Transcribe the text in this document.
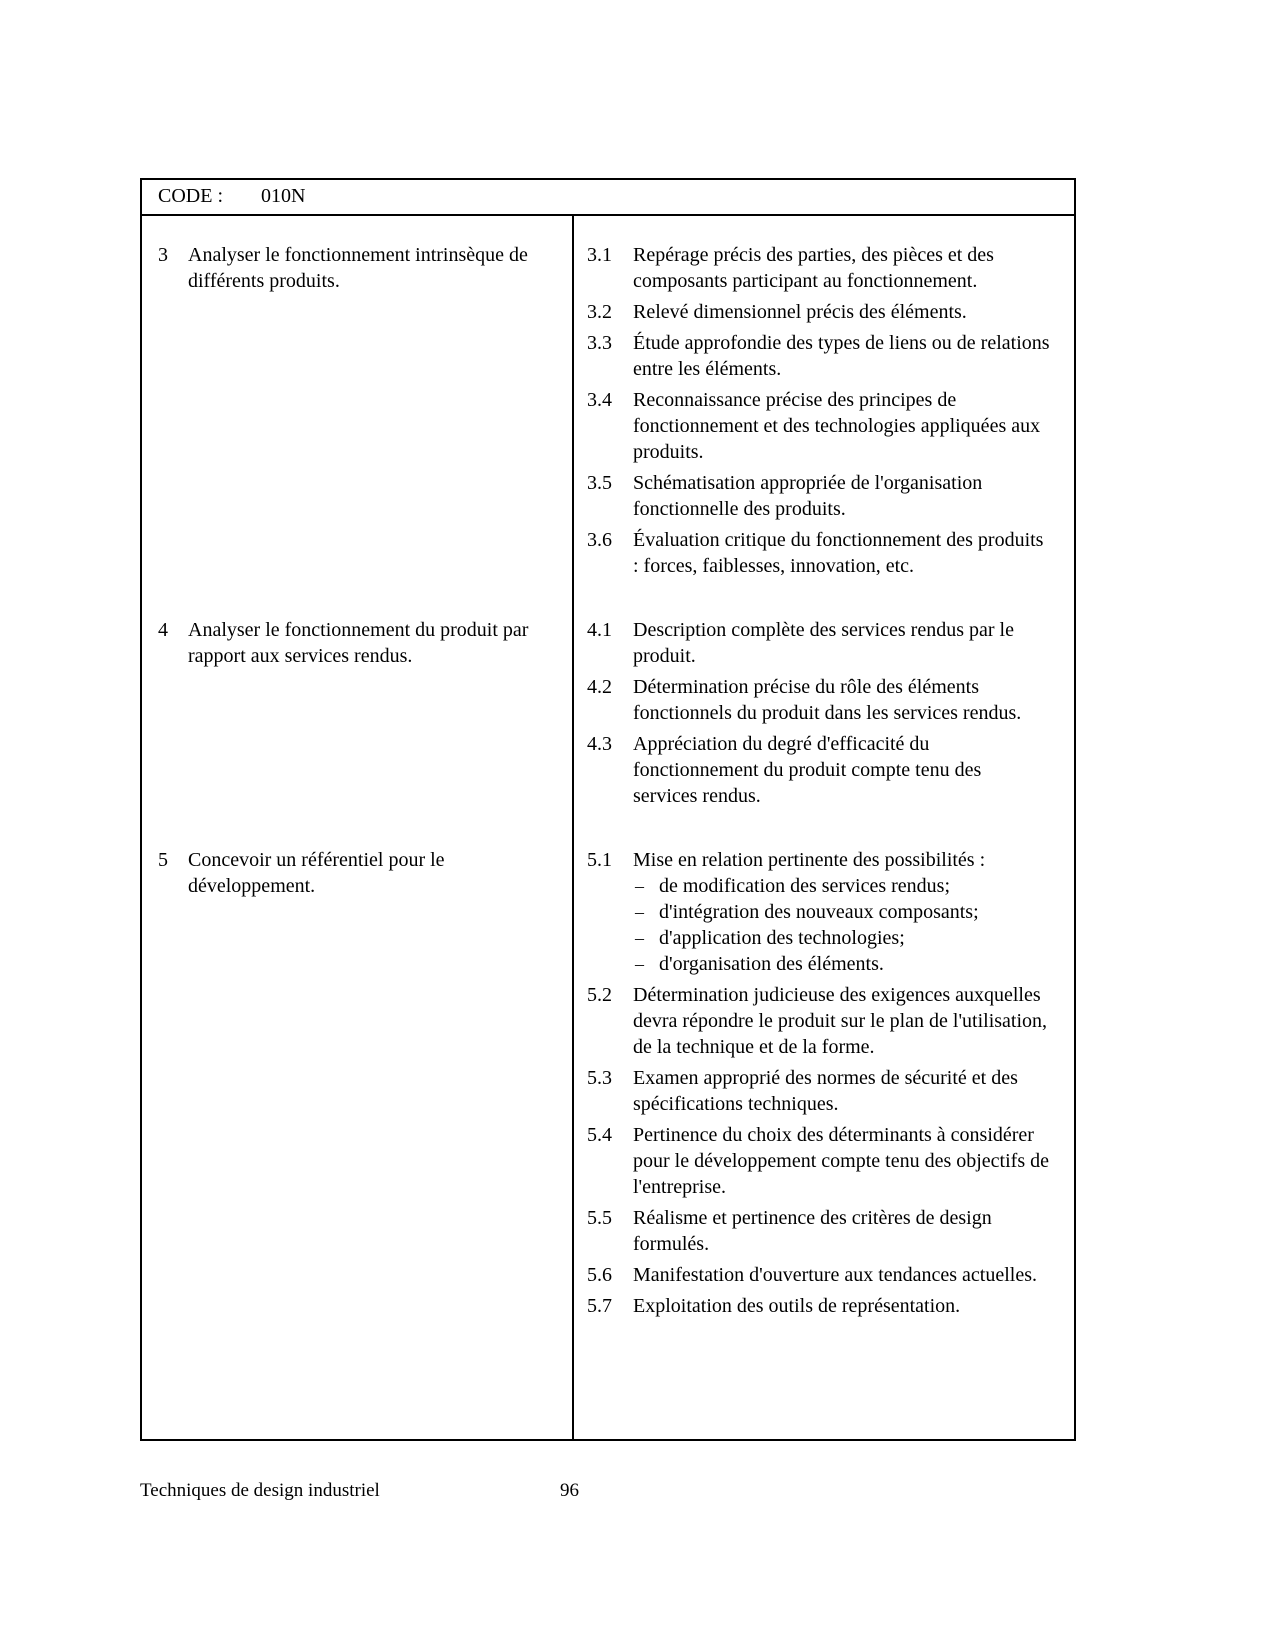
CODE : 010N
3	Analyser le fonctionnement intrinsèque de différents produits.
3.1	Repérage précis des parties, des pièces et des composants participant au fonctionnement.
3.2	Relevé dimensionnel précis des éléments.
3.3	Étude approfondie des types de liens ou de relations entre les éléments.
3.4	Reconnaissance précise des principes de fonctionnement et des technologies appliquées aux produits.
3.5	Schématisation appropriée de l'organisation fonctionnelle des produits.
3.6	Évaluation critique du fonctionnement des produits : forces, faiblesses, innovation, etc.
4	Analyser le fonctionnement du produit par rapport aux services rendus.
4.1	Description complète des services rendus par le produit.
4.2	Détermination précise du rôle des éléments fonctionnels du produit dans les services rendus.
4.3	Appréciation du degré d'efficacité du fonctionnement du produit compte tenu des services rendus.
5	Concevoir un référentiel pour le développement.
5.1	Mise en relation pertinente des possibilités :
– de modification des services rendus;
– d'intégration des nouveaux composants;
– d'application des technologies;
– d'organisation des éléments.
5.2	Détermination judicieuse des exigences auxquelles devra répondre le produit sur le plan de l'utilisation, de la technique et de la forme.
5.3	Examen approprié des normes de sécurité et des spécifications techniques.
5.4	Pertinence du choix des déterminants à considérer pour le développement compte tenu des objectifs de l'entreprise.
5.5	Réalisme et pertinence des critères de design formulés.
5.6	Manifestation d'ouverture aux tendances actuelles.
5.7	Exploitation des outils de représentation.
Techniques de design industriel	96
